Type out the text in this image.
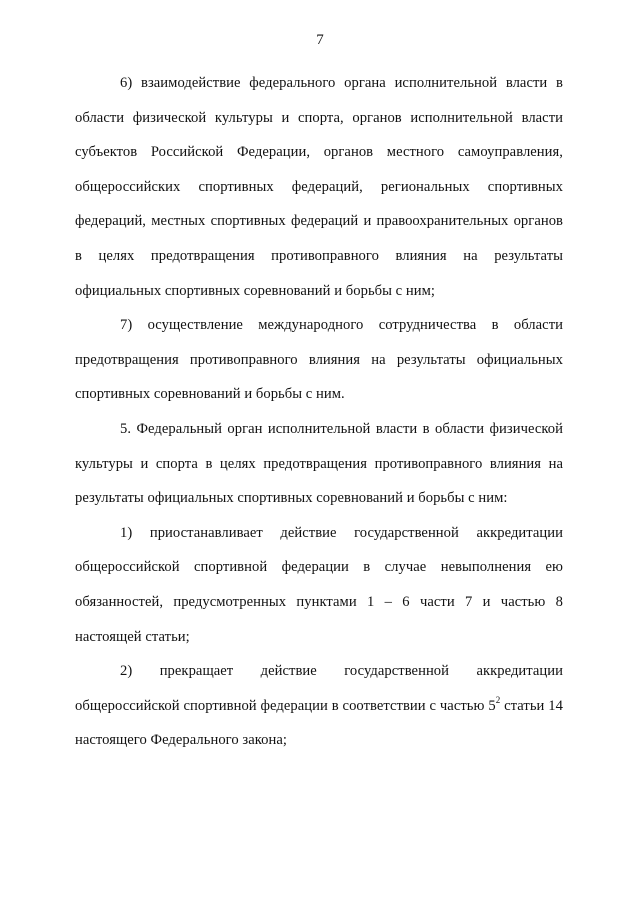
7

6) взаимодействие федерального органа исполнительной власти в области физической культуры и спорта, органов исполнительной власти субъектов Российской Федерации, органов местного самоуправления, общероссийских спортивных федераций, региональных спортивных федераций, местных спортивных федераций и правоохранительных органов в целях предотвращения противоправного влияния на результаты официальных спортивных соревнований и борьбы с ним;

7) осуществление международного сотрудничества в области предотвращения противоправного влияния на результаты официальных спортивных соревнований и борьбы с ним.

5. Федеральный орган исполнительной власти в области физической культуры и спорта в целях предотвращения противоправного влияния на результаты официальных спортивных соревнований и борьбы с ним:

1) приостанавливает действие государственной аккредитации общероссийской спортивной федерации в случае невыполнения ею обязанностей, предусмотренных пунктами 1 – 6 части 7 и частью 8 настоящей статьи;

2) прекращает действие государственной аккредитации общероссийской спортивной федерации в соответствии с частью $5^2$ статьи 14 настоящего Федерального закона;
